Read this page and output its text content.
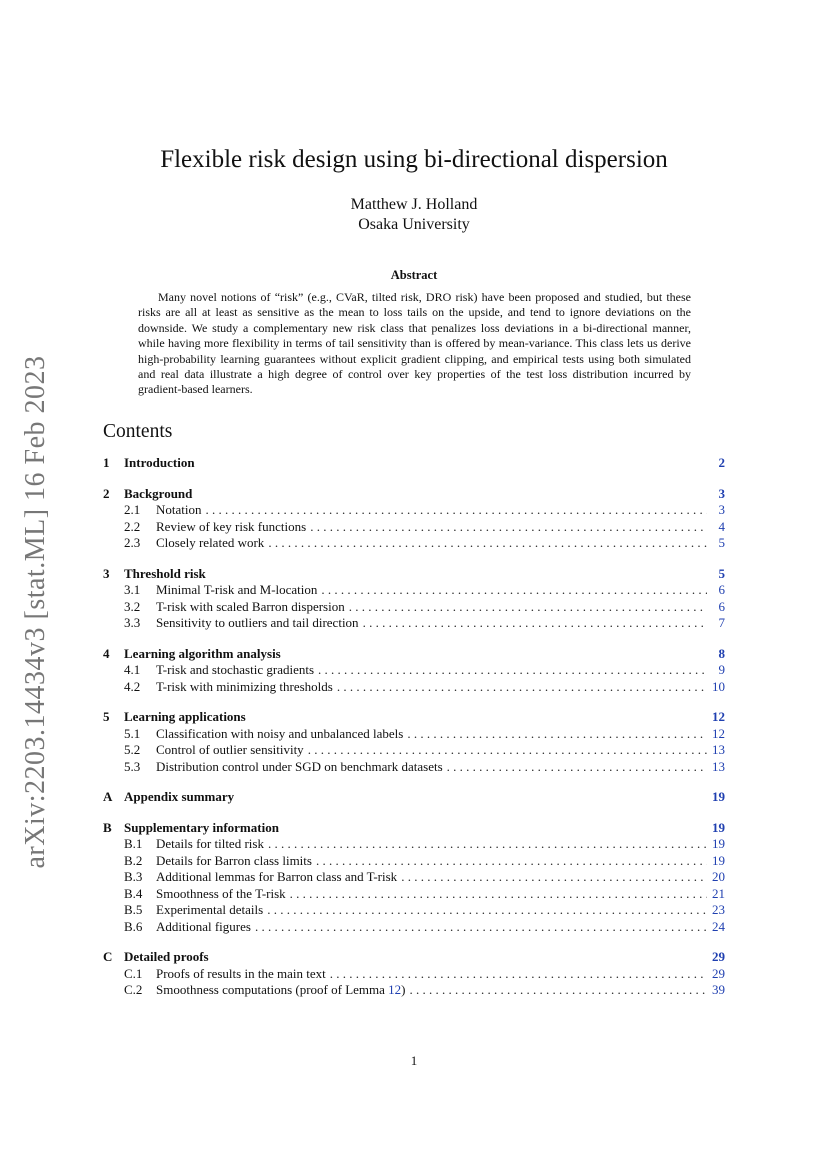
arXiv:2203.14434v3 [stat.ML] 16 Feb 2023
Flexible risk design using bi-directional dispersion
Matthew J. Holland
Osaka University
Abstract

Many novel notions of “risk” (e.g., CVaR, tilted risk, DRO risk) have been proposed and studied, but these risks are all at least as sensitive as the mean to loss tails on the upside, and tend to ignore deviations on the downside. We study a complementary new risk class that penalizes loss deviations in a bi-directional manner, while having more flexibility in terms of tail sensitivity than is offered by mean-variance. This class lets us derive high-probability learning guarantees without explicit gradient clipping, and empirical tests using both simulated and real data illustrate a high degree of control over key properties of the test loss distribution incurred by gradient-based learners.

Contents
1	Introduction	2
2	Background	3
2.1	Notation . . .	3
2.2	Review of key risk functions . . .	4
2.3	Closely related work . . .	5
3	Threshold risk	5
3.1	Minimal T-risk and M-location . . .	6
3.2	T-risk with scaled Barron dispersion . . .	6
3.3	Sensitivity to outliers and tail direction . . .	7
4	Learning algorithm analysis	8
4.1	T-risk and stochastic gradients . . .	9
4.2	T-risk with minimizing thresholds . . .	10
5	Learning applications	12
5.1	Classification with noisy and unbalanced labels . . .	12
5.2	Control of outlier sensitivity . . .	13
5.3	Distribution control under SGD on benchmark datasets . . .	13
A Appendix summary	19
B Supplementary information	19
B.1	Details for tilted risk . . .	19
B.2	Details for Barron class limits . . .	19
B.3	Additional lemmas for Barron class and T-risk . . .	20
B.4	Smoothness of the T-risk . . .	21
B.5	Experimental details . . .	23
B.6	Additional figures . . .	24
C Detailed proofs	29
C.1	Proofs of results in the main text . . .	29
C.2	Smoothness computations (proof of Lemma 12) . . .	39
1
